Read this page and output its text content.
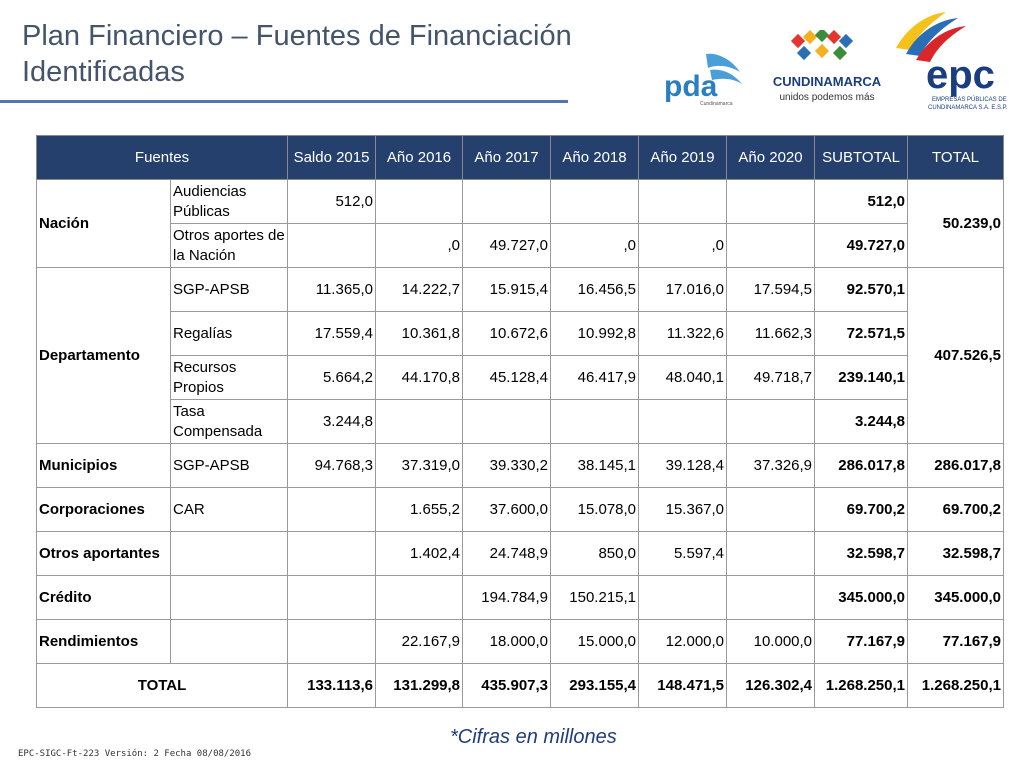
Plan Financiero – Fuentes de Financiación
Identificadas	pda
Cundinamarca
CUNDINAMARCA
unidos podemos más
epc
EMPRESAS PÚBLICAS DE
CUNDINAMARCA S.A. E.S.P.
Fuentes		Saldo 2015	Año 2016	Año 2017	Año 2018	Año 2019	Año 2020	SUBTOTAL	TOTAL
Nación	Audiencias Públicas	512,0						512,0	50.239,0
	Otros aportes de la Nación		,0	49.727,0	,0	,0		49.727,0	
Departamento	SGP-APSB	11.365,0	14.222,7	15.915,4	16.456,5	17.016,0	17.594,5	92.570,1	407.526,5
	Regalías	17.559,4	10.361,8	10.672,6	10.992,8	11.322,6	11.662,3	72.571,5	
	Recursos Propios	5.664,2	44.170,8	45.128,4	46.417,9	48.040,1	49.718,7	239.140,1	
	Tasa Compensada	3.244,8						3.244,8	
Municipios	SGP-APSB	94.768,3	37.319,0	39.330,2	38.145,1	39.128,4	37.326,9	286.017,8	286.017,8
Corporaciones	CAR		1.655,2	37.600,0	15.078,0	15.367,0		69.700,2	69.700,2
Otros aportantes			1.402,4	24.748,9	850,0	5.597,4		32.598,7	32.598,7
Crédito				194.784,9	150.215,1			345.000,0	345.000,0
Rendimientos			22.167,9	18.000,0	15.000,0	12.000,0	10.000,0	77.167,9	77.167,9
TOTAL		133.113,6	131.299,8	435.907,3	293.155,4	148.471,5	126.302,4	1.268.250,1	1.268.250,1
*Cifras en millones
EPC-SIGC-Ft-223 Versión: 2 Fecha 08/08/2016
